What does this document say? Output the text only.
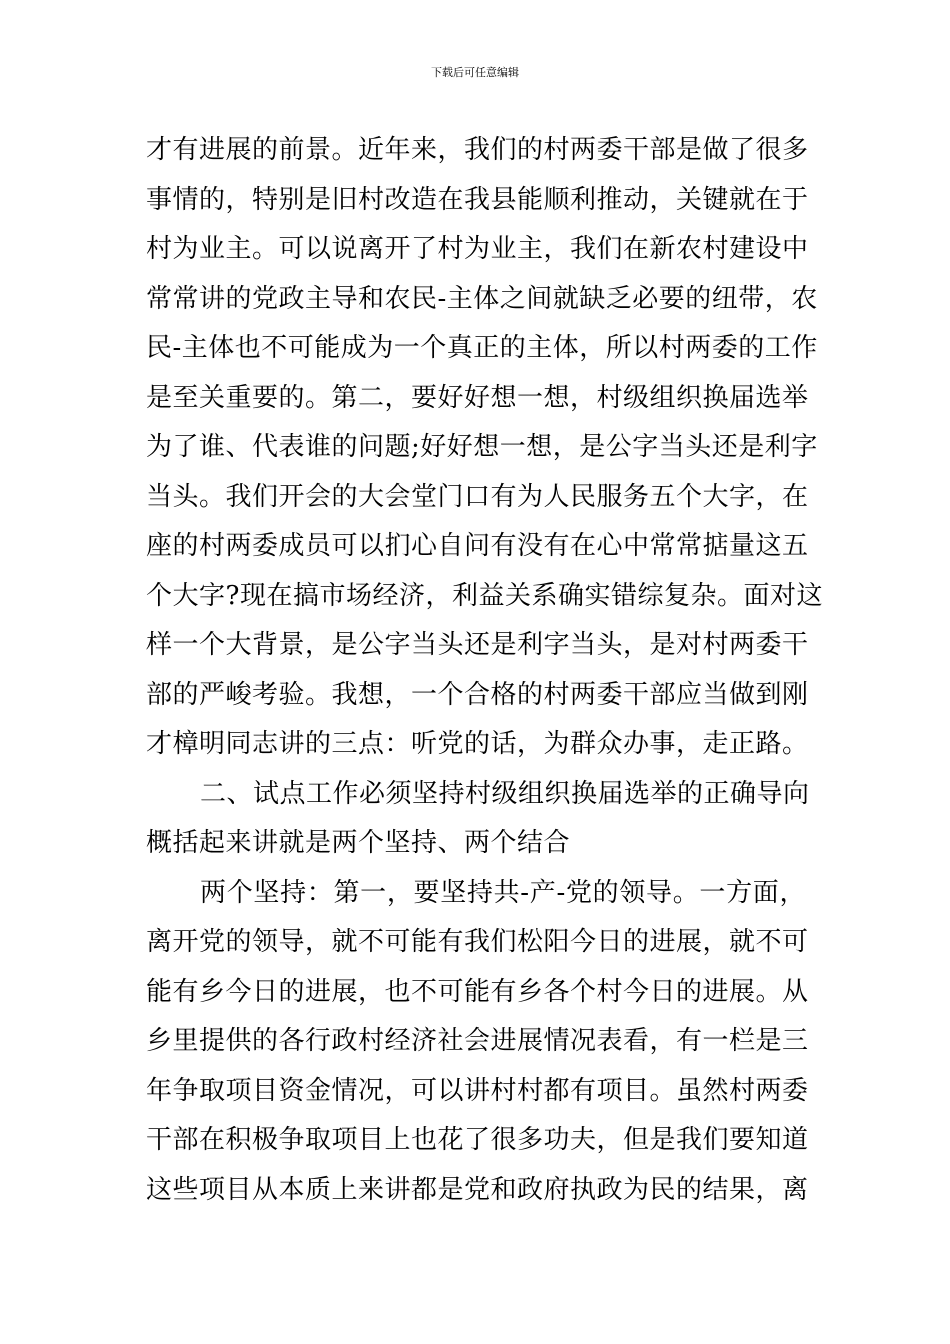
下载后可任意编辑

才有进展的前景。近年来，我们的村两委干部是做了很多
事情的，特别是旧村改造在我县能顺利推动，关键就在于
村为业主。可以说离开了村为业主，我们在新农村建设中
常常讲的党政主导和农民-主体之间就缺乏必要的纽带，农
民-主体也不可能成为一个真正的主体，所以村两委的工作
是至关重要的。第二，要好好想一想，村级组织换届选举
为了谁、代表谁的问题;好好想一想，是公字当头还是利字
当头。我们开会的大会堂门口有为人民服务五个大字，在
座的村两委成员可以扪心自问有没有在心中常常掂量这五
个大字?现在搞市场经济，利益关系确实错综复杂。面对这
样一个大背景，是公字当头还是利字当头，是对村两委干
部的严峻考验。我想，一个合格的村两委干部应当做到刚
才樟明同志讲的三点：听党的话，为群众办事，走正路。

二、试点工作必须坚持村级组织换届选举的正确导向
概括起来讲就是两个坚持、两个结合

两个坚持：第一，要坚持共-产-党的领导。一方面，
离开党的领导，就不可能有我们松阳今日的进展，就不可
能有乡今日的进展，也不可能有乡各个村今日的进展。从
乡里提供的各行政村经济社会进展情况表看，有一栏是三
年争取项目资金情况，可以讲村村都有项目。虽然村两委
干部在积极争取项目上也花了很多功夫，但是我们要知道
这些项目从本质上来讲都是党和政府执政为民的结果，离
